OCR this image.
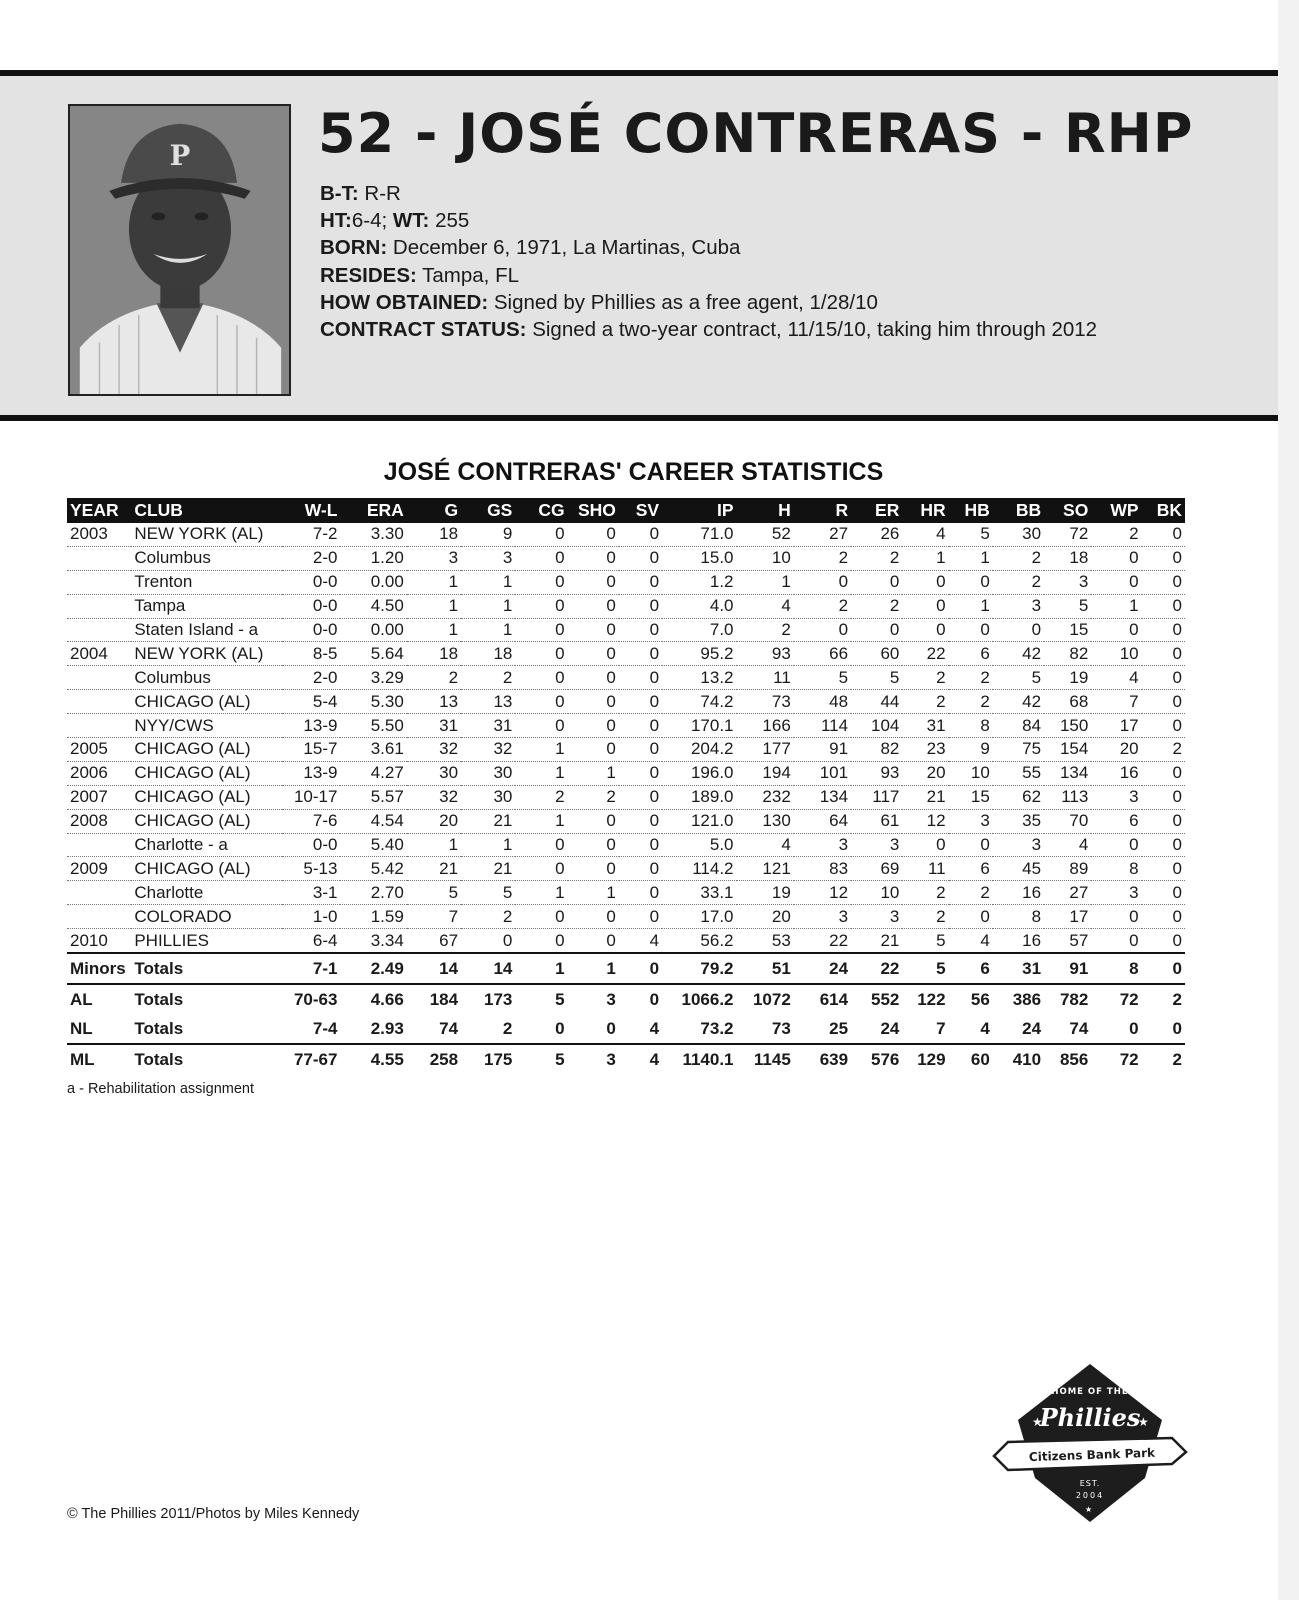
P 52 - JOSÉ CONTRERAS - RHP
B-T: R-R
HT:6-4; WT: 255
BORN: December 6, 1971, La Martinas, Cuba
RESIDES: Tampa, FL
HOW OBTAINED: Signed by Phillies as a free agent, 1/28/10
CONTRACT STATUS: Signed a two-year contract, 11/15/10, taking him through 2012
JOSÉ CONTRERAS' CAREER STATISTICS
YEAR	CLUB	W-L	ERA	G	GS	CG	SHO	SV	IP	H	R	ER	HR	HB	BB	SO	WP	BK
2003	NEW YORK (AL)	7-2	3.30	18	9	0	0	0	71.0	52	27	26	4	5	30	72	2	0
	Columbus	2-0	1.20	3	3	0	0	0	15.0	10	2	2	1	1	2	18	0	0
	Trenton	0-0	0.00	1	1	0	0	0	1.2	1	0	0	0	0	2	3	0	0
	Tampa	0-0	4.50	1	1	0	0	0	4.0	4	2	2	0	1	3	5	1	0
	Staten Island - a	0-0	0.00	1	1	0	0	0	7.0	2	0	0	0	0	0	15	0	0
2004	NEW YORK (AL)	8-5	5.64	18	18	0	0	0	95.2	93	66	60	22	6	42	82	10	0
	Columbus	2-0	3.29	2	2	0	0	0	13.2	11	5	5	2	2	5	19	4	0
	CHICAGO (AL)	5-4	5.30	13	13	0	0	0	74.2	73	48	44	2	2	42	68	7	0
	NYY/CWS	13-9	5.50	31	31	0	0	0	170.1	166	114	104	31	8	84	150	17	0
2005	CHICAGO (AL)	15-7	3.61	32	32	1	0	0	204.2	177	91	82	23	9	75	154	20	2
2006	CHICAGO (AL)	13-9	4.27	30	30	1	1	0	196.0	194	101	93	20	10	55	134	16	0
2007	CHICAGO (AL)	10-17	5.57	32	30	2	2	0	189.0	232	134	117	21	15	62	113	3	0
2008	CHICAGO (AL)	7-6	4.54	20	21	1	0	0	121.0	130	64	61	12	3	35	70	6	0
	Charlotte - a	0-0	5.40	1	1	0	0	0	5.0	4	3	3	0	0	3	4	0	0
2009	CHICAGO (AL)	5-13	5.42	21	21	0	0	0	114.2	121	83	69	11	6	45	89	8	0
	Charlotte	3-1	2.70	5	5	1	1	0	33.1	19	12	10	2	2	16	27	3	0
	COLORADO	1-0	1.59	7	2	0	0	0	17.0	20	3	3	2	0	8	17	0	0
2010	PHILLIES	6-4	3.34	67	0	0	0	4	56.2	53	22	21	5	4	16	57	0	0
Minors	Totals	7-1	2.49	14	14	1	1	0	79.2	51	24	22	5	6	31	91	8	0
AL	Totals	70-63	4.66	184	173	5	3	0	1066.2	1072	614	552	122	56	386	782	72	2
NL	Totals	7-4	2.93	74	2	0	0	4	73.2	73	25	24	7	4	24	74	0	0
ML	Totals	77-67	4.55	258	175	5	3	4	1140.1	1145	639	576	129	60	410	856	72	2
a - Rehabilitation assignment
© The Phillies 2011/Photos by Miles Kennedy
HOME OF THE
Phillies
★	★
Citizens Bank Park
EST.
2004
★
